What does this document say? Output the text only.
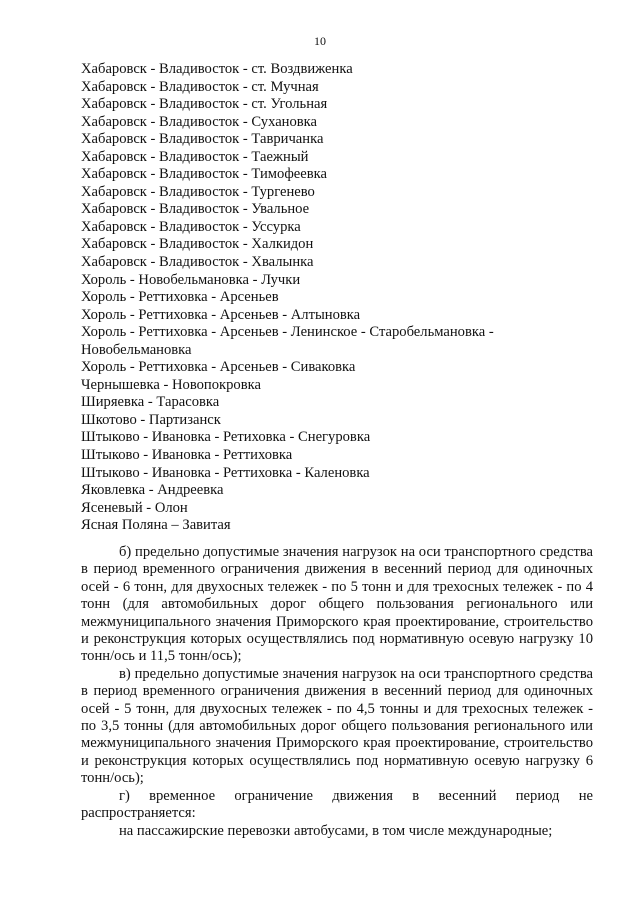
10
Хабаровск - Владивосток - ст. Воздвиженка
Хабаровск - Владивосток - ст. Мучная
Хабаровск - Владивосток - ст. Угольная
Хабаровск - Владивосток - Сухановка
Хабаровск - Владивосток - Тавричанка
Хабаровск - Владивосток - Таежный
Хабаровск - Владивосток - Тимофеевка
Хабаровск - Владивосток - Тургенево
Хабаровск - Владивосток - Увальное
Хабаровск - Владивосток - Уссурка
Хабаровск - Владивосток - Халкидон
Хабаровск - Владивосток - Хвалынка
Хороль - Новобельмановка - Лучки
Хороль - Реттиховка - Арсеньев
Хороль - Реттиховка - Арсеньев - Алтыновка
Хороль - Реттиховка - Арсеньев - Ленинское - Старобельмановка - Новобельмановка
Хороль - Реттиховка - Арсеньев - Сиваковка
Чернышевка - Новопокровка
Ширяевка - Тарасовка
Шкотово - Партизанск
Штыково - Ивановка - Ретиховка - Снегуровка
Штыково - Ивановка - Реттиховка
Штыково - Ивановка - Реттиховка - Каленовка
Яковлевка - Андреевка
Ясеневый - Олон
Ясная Поляна – Завитая

б) предельно допустимые значения нагрузок на оси транспортного средства в период временного ограничения движения в весенний период для одиночных осей - 6 тонн, для двухосных тележек - по 5 тонн и для трехосных тележек - по 4 тонн (для автомобильных дорог общего пользования регионального или межмуниципального значения Приморского края проектирование, строительство и реконструкция которых осуществлялись под нормативную осевую нагрузку 10 тонн/ось и 11,5 тонн/ось);

в) предельно допустимые значения нагрузок на оси транспортного средства в период временного ограничения движения в весенний период для одиночных осей - 5 тонн, для двухосных тележек - по 4,5 тонны и для трехосных тележек - по 3,5 тонны (для автомобильных дорог общего пользования регионального или межмуниципального значения Приморского края проектирование, строительство и реконструкция которых осуществлялись под нормативную осевую нагрузку 6 тонн/ось);

г) временное ограничение движения в весенний период не распространяется:

на пассажирские перевозки автобусами, в том числе международные;
